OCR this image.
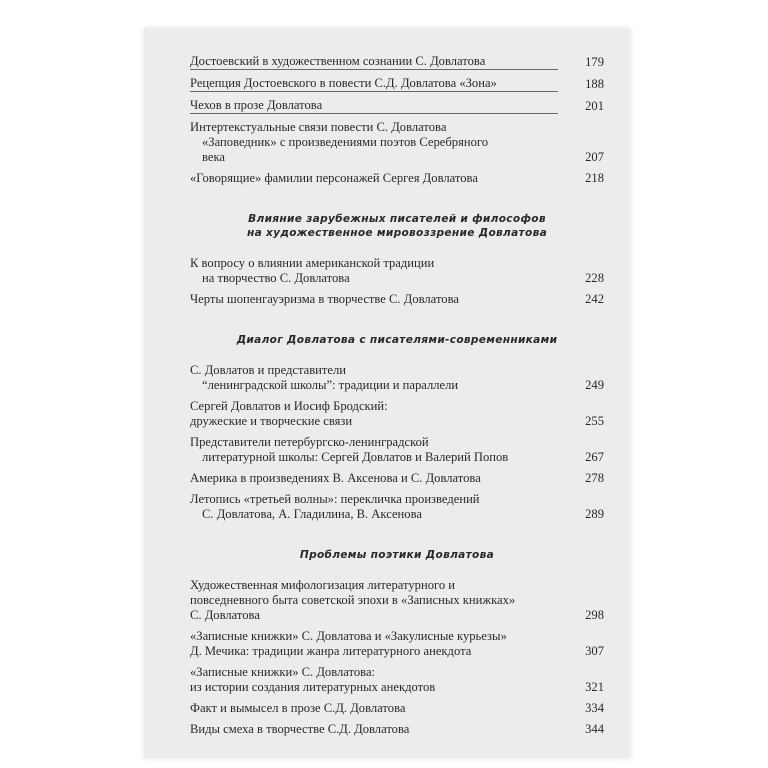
Достоевский в художественном сознании С. Довлатова	179
Рецепция Достоевского в повести С.Д. Довлатова «Зона»	188
Чехов в прозе Довлатова	201
Интертекстуальные связи повести С. Довлатова
«Заповедник» с произведениями поэтов Серебряного
века	207
«Говорящие» фамилии персонажей Сергея Довлатова	218
Влияние зарубежных писателей и философов
на художественное мировоззрение Довлатова
К вопросу о влиянии американской традиции
на творчество С. Довлатова	228
Черты шопенгауэризма в творчестве С. Довлатова	242
Диалог Довлатова с писателями-современниками
С. Довлатов и представители
“ленинградской школы”: традиции и параллели	249
Сергей Довлатов и Иосиф Бродский:
дружеские и творческие связи	255
Представители петербургско-ленинградской
литературной школы: Сергей Довлатов и Валерий Попов	267
Америка в произведениях В. Аксенова и С. Довлатова	278
Летопись «третьей волны»: перекличка произведений
С. Довлатова, А. Гладилина, В. Аксенова	289
Проблемы поэтики Довлатова
Художественная мифологизация литературного и
повседневного быта советской эпохи в «Записных книжках»
С. Довлатова	298
«Записные книжки» С. Довлатова и «Закулисные курьезы»
Д. Мечика: традиции жанра литературного анекдота	307
«Записные книжки» С. Довлатова:
из истории создания литературных анекдотов	321
Факт и вымысел в прозе С.Д. Довлатова	334
Виды смеха в творчестве С.Д. Довлатова	344
